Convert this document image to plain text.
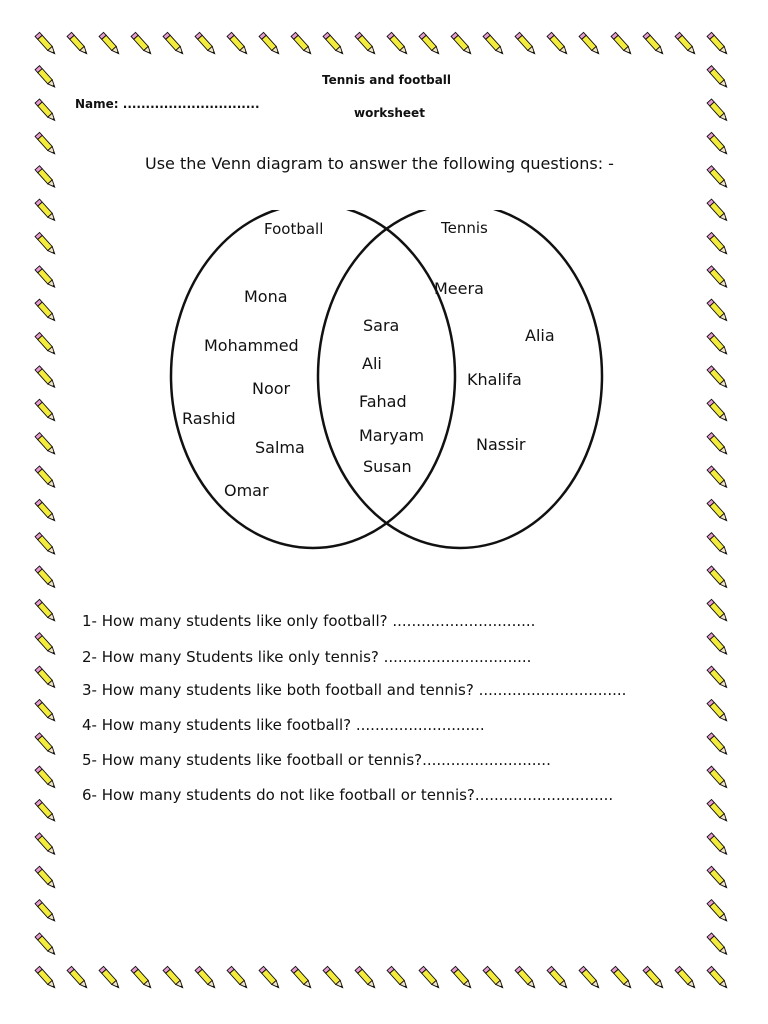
Tennis and football
worksheet
Name: ..............................
Use the Venn diagram to answer the following questions: -
Football	Tennis
Mona
Mohammed
Noor
Rashid
Salma
Omar
Sara
Ali
Fahad
Maryam
Susan
Meera
Alia
Khalifa
Nassir
1- How many students like only football? ..............................
2- How many Students like only tennis? ...............................
3- How many students like both football and tennis? ...............................
4- How many students like football? ...........................
5- How many students like football or tennis?...........................
6- How many students do not like football or tennis?.............................
